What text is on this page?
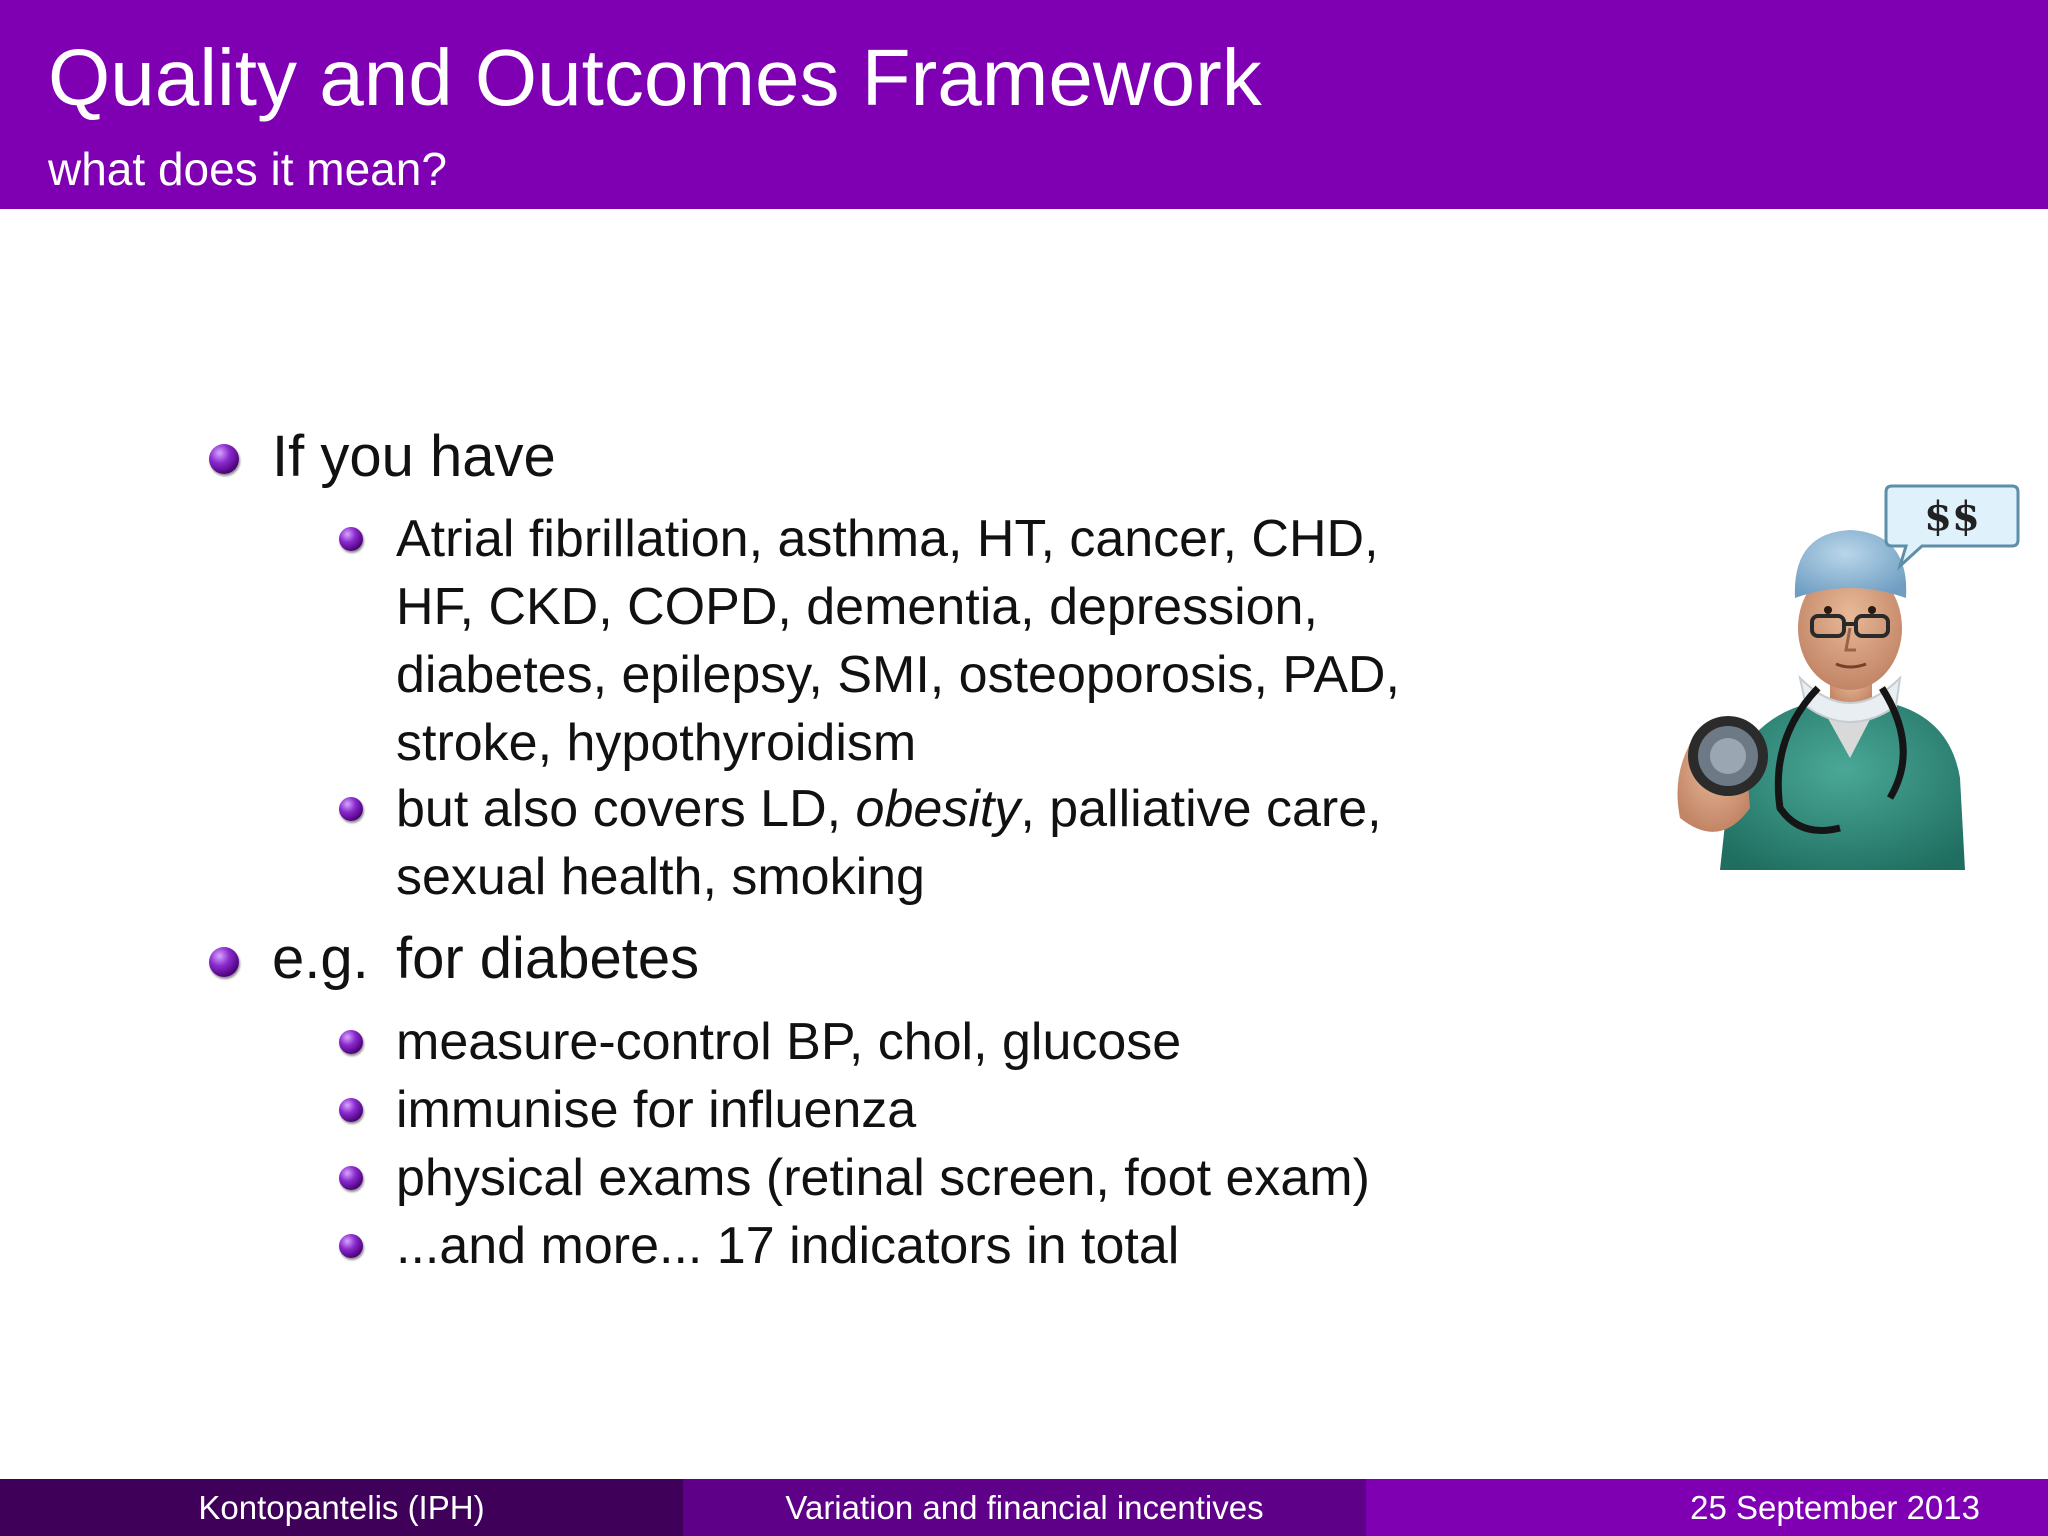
Quality and Outcomes Framework
what does it mean?
If you have
Atrial fibrillation, asthma, HT, cancer, CHD,
HF, CKD, COPD, dementia, depression,
diabetes, epilepsy, SMI, osteoporosis, PAD,
stroke, hypothyroidism
but also covers LD, obesity, palliative care,
sexual health, smoking
e.g. for diabetes
measure-control BP, chol, glucose
immunise for influenza
physical exams (retinal screen, foot exam)
...and more... 17 indicators in total
$$
Kontopantelis (IPH)	Variation and financial incentives	25 September 2013
